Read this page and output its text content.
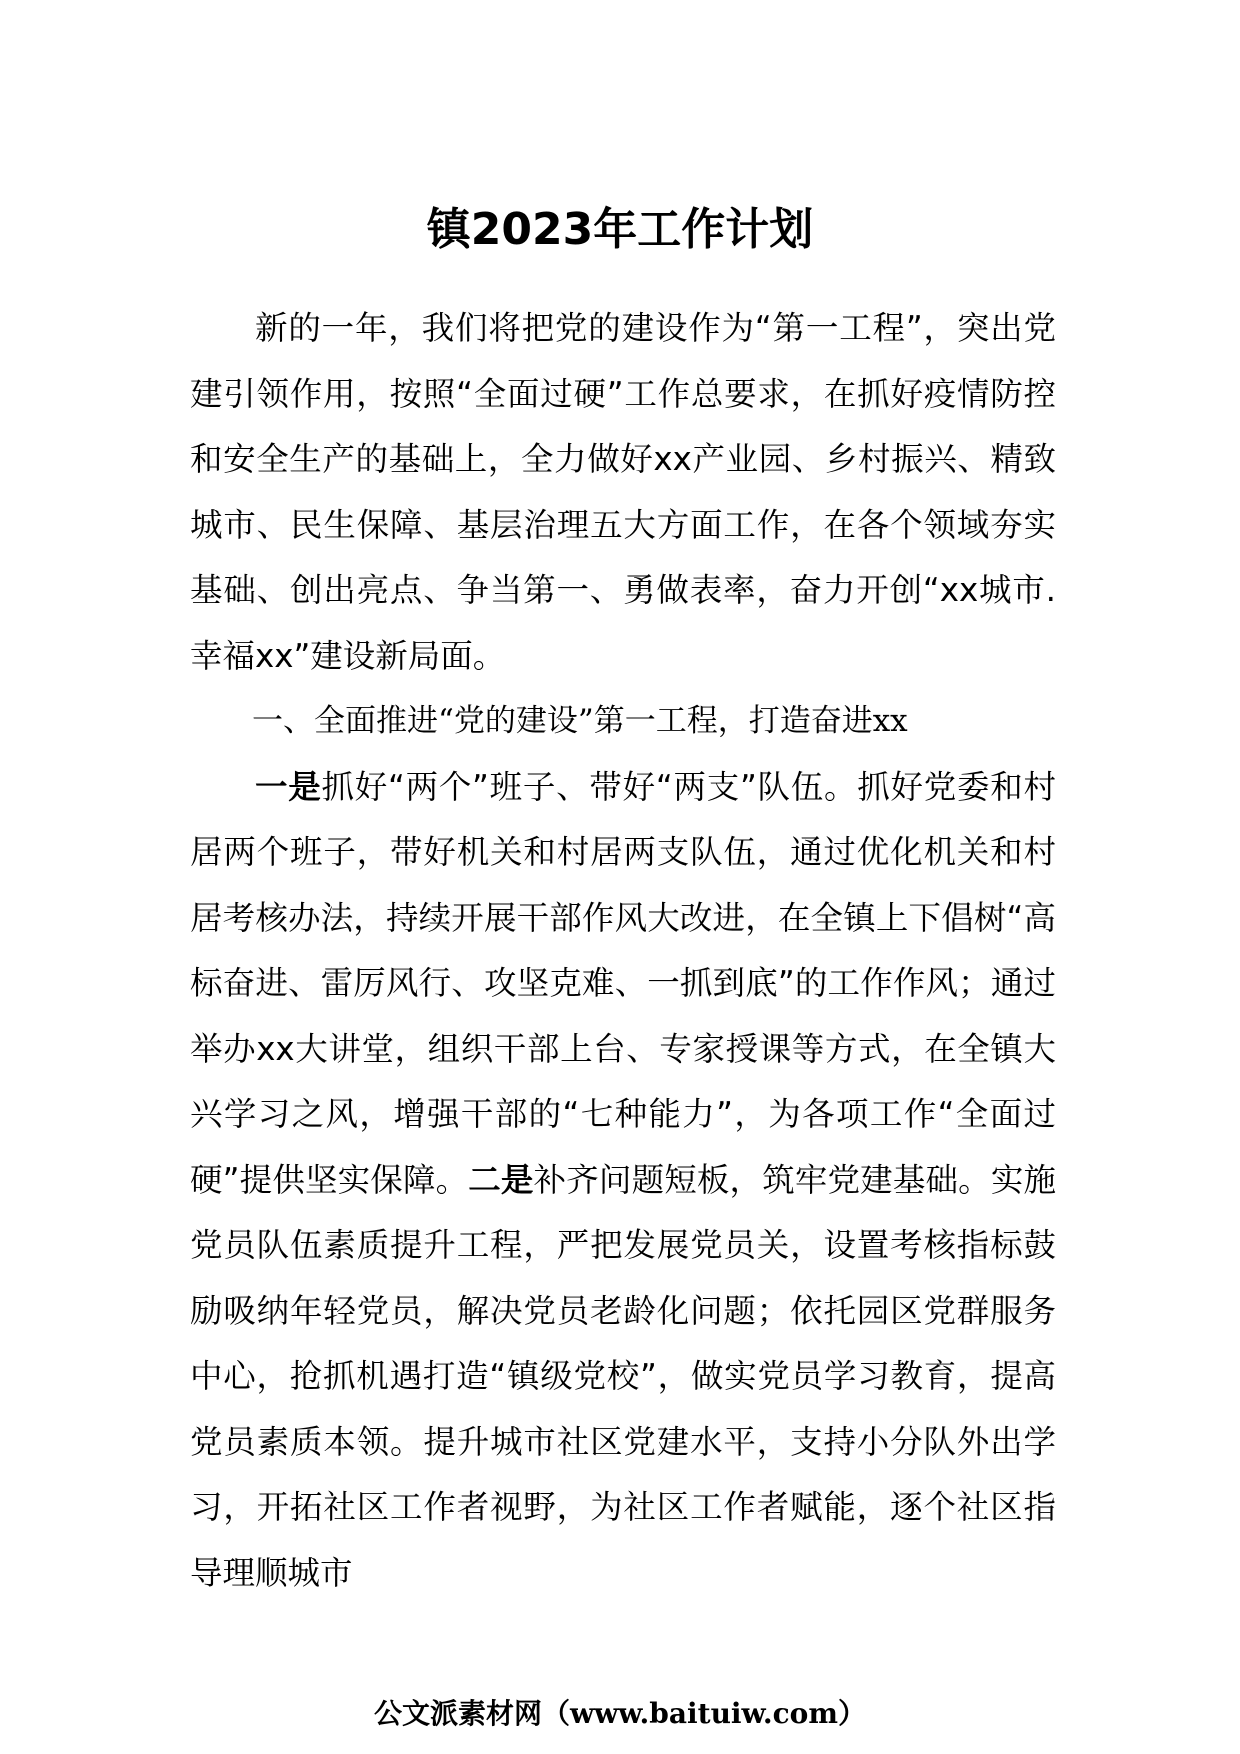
镇2023年工作计划

新的一年，我们将把党的建设作为“第一工程”，突出党建引领作用，按照“全面过硬”工作总要求，在抓好疫情防控和安全生产的基础上，全力做好xx产业园、乡村振兴、精致城市、民生保障、基层治理五大方面工作，在各个领域夯实基础、创出亮点、争当第一、勇做表率，奋力开创“xx城市.幸福xx”建设新局面。

一、全面推进“党的建设”第一工程，打造奋进xx

一是抓好“两个”班子、带好“两支”队伍。抓好党委和村居两个班子，带好机关和村居两支队伍，通过优化机关和村居考核办法，持续开展干部作风大改进，在全镇上下倡树“高标奋进、雷厉风行、攻坚克难、一抓到底”的工作作风；通过举办xx大讲堂，组织干部上台、专家授课等方式，在全镇大兴学习之风，增强干部的“七种能力”，为各项工作“全面过硬”提供坚实保障。二是补齐问题短板，筑牢党建基础。实施党员队伍素质提升工程，严把发展党员关，设置考核指标鼓励吸纳年轻党员，解决党员老龄化问题；依托园区党群服务中心，抢抓机遇打造“镇级党校”，做实党员学习教育，提高党员素质本领。提升城市社区党建水平，支持小分队外出学习，开拓社区工作者视野，为社区工作者赋能，逐个社区指导理顺城市

公文派素材网（www.baituiw.com）
